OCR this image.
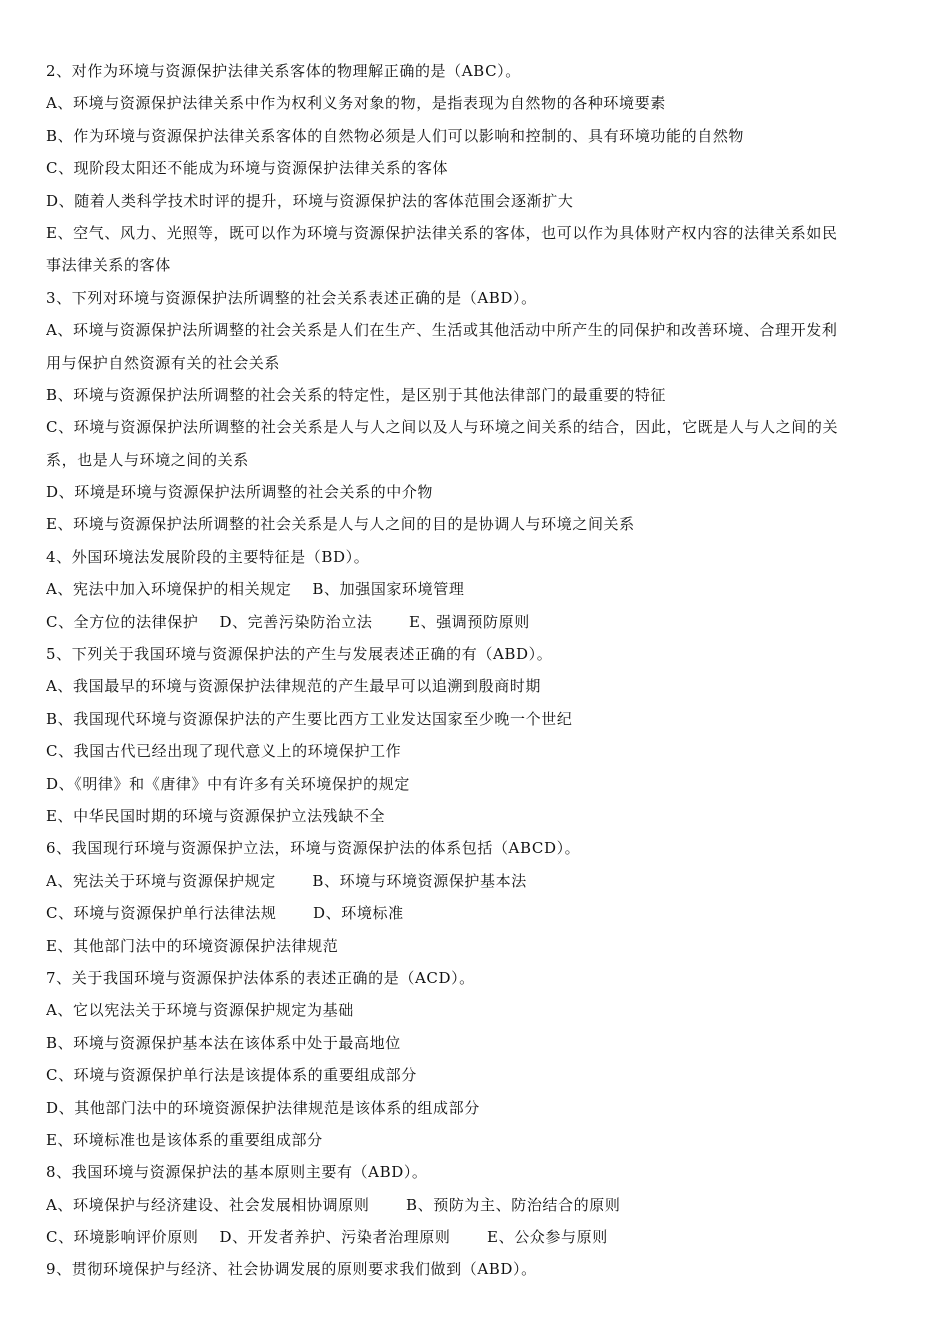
2、对作为环境与资源保护法律关系客体的物理解正确的是（ABC）。
A、环境与资源保护法律关系中作为权利义务对象的物，是指表现为自然物的各种环境要素
B、作为环境与资源保护法律关系客体的自然物必须是人们可以影响和控制的、具有环境功能的自然物
C、现阶段太阳还不能成为环境与资源保护法律关系的客体
D、随着人类科学技术时评的提升，环境与资源保护法的客体范围会逐渐扩大
E、空气、风力、光照等，既可以作为环境与资源保护法律关系的客体，也可以作为具体财产权内容的法律关系如民
事法律关系的客体
3、下列对环境与资源保护法所调整的社会关系表述正确的是（ABD）。
A、环境与资源保护法所调整的社会关系是人们在生产、生活或其他活动中所产生的同保护和改善环境、合理开发利
用与保护自然资源有关的社会关系
B、环境与资源保护法所调整的社会关系的特定性，是区别于其他法律部门的最重要的特征
C、环境与资源保护法所调整的社会关系是人与人之间以及人与环境之间关系的结合，因此，它既是人与人之间的关
系，也是人与环境之间的关系
D、环境是环境与资源保护法所调整的社会关系的中介物
E、环境与资源保护法所调整的社会关系是人与人之间的目的是协调人与环境之间关系
4、外国环境法发展阶段的主要特征是（BD）。
A、宪法中加入环境保护的相关规定　 B、加强国家环境管理
C、全方位的法律保护　 D、完善污染防治立法　　 E、强调预防原则
5、下列关于我国环境与资源保护法的产生与发展表述正确的有（ABD）。
A、我国最早的环境与资源保护法律规范的产生最早可以追溯到殷商时期
B、我国现代环境与资源保护法的产生要比西方工业发达国家至少晚一个世纪
C、我国古代已经出现了现代意义上的环境保护工作
D、《明律》和《唐律》中有许多有关环境保护的规定
E、中华民国时期的环境与资源保护立法残缺不全
6、我国现行环境与资源保护立法，环境与资源保护法的体系包括（ABCD）。
A、宪法关于环境与资源保护规定　　 B、环境与环境资源保护基本法
C、环境与资源保护单行法律法规　　 D、环境标准
E、其他部门法中的环境资源保护法律规范
7、关于我国环境与资源保护法体系的表述正确的是（ACD）。
A、它以宪法关于环境与资源保护规定为基础
B、环境与资源保护基本法在该体系中处于最高地位
C、环境与资源保护单行法是该提体系的重要组成部分
D、其他部门法中的环境资源保护法律规范是该体系的组成部分
E、环境标准也是该体系的重要组成部分
8、我国环境与资源保护法的基本原则主要有（ABD）。
A、环境保护与经济建设、社会发展相协调原则　　 B、预防为主、防治结合的原则
C、环境影响评价原则　 D、开发者养护、污染者治理原则　　 E、公众参与原则
9、贯彻环境保护与经济、社会协调发展的原则要求我们做到（ABD）。
